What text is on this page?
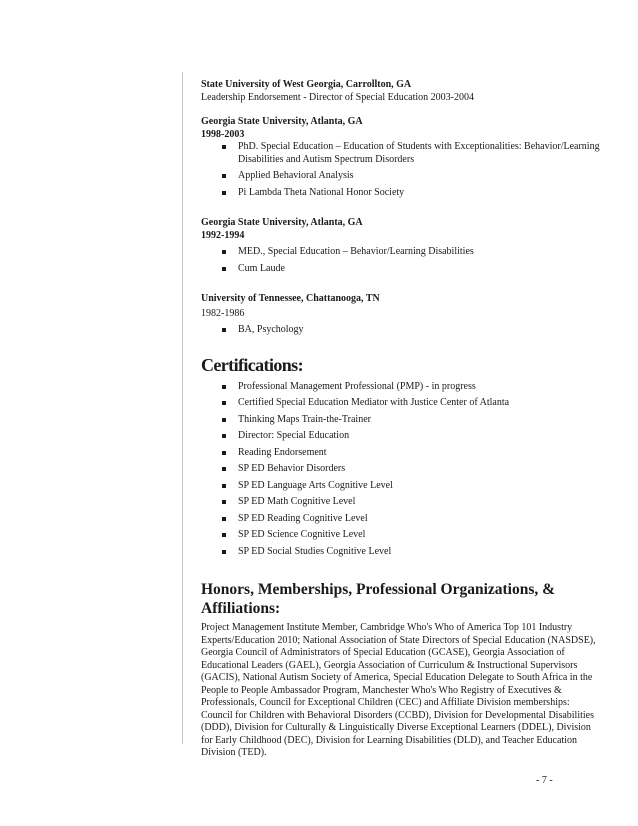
State University of West Georgia, Carrollton, GA
Leadership Endorsement - Director of Special Education 2003-2004
Georgia State University, Atlanta, GA
1998-2003
PhD. Special Education – Education of Students with Exceptionalities: Behavior/Learning Disabilities and Autism Spectrum Disorders
Applied Behavioral Analysis
Pi Lambda Theta National Honor Society
Georgia State University, Atlanta, GA
1992-1994
MED., Special Education – Behavior/Learning Disabilities
Cum Laude
University of Tennessee, Chattanooga, TN
1982-1986
BA, Psychology
Certifications:
Professional Management Professional (PMP) - in progress
Certified Special Education Mediator with Justice Center of Atlanta
Thinking Maps Train-the-Trainer
Director: Special Education
Reading Endorsement
SP ED Behavior Disorders
SP ED Language Arts Cognitive Level
SP ED Math Cognitive Level
SP ED Reading Cognitive Level
SP ED Science Cognitive Level
SP ED Social Studies Cognitive Level
Honors, Memberships, Professional Organizations, & Affiliations:

Project Management Institute Member, Cambridge Who's Who of America Top 101 Industry Experts/Education 2010; National Association of State Directors of Special Education (NASDSE), Georgia Council of Administrators of Special Education (GCASE), Georgia Association of Educational Leaders (GAEL), Georgia Association of Curriculum & Instructional Supervisors (GACIS), National Autism Society of America, Special Education Delegate to South Africa in the People to People Ambassador Program, Manchester Who's Who Registry of Executives & Professionals, Council for Exceptional Children (CEC) and Affiliate Division memberships: Council for Children with Behavioral Disorders (CCBD), Division for Developmental Disabilities (DDD), Division for Culturally & Linguistically Diverse Exceptional Learners (DDEL), Division for Early Childhood (DEC), Division for Learning Disabilities (DLD), and Teacher Education Division (TED).

- 7 -
